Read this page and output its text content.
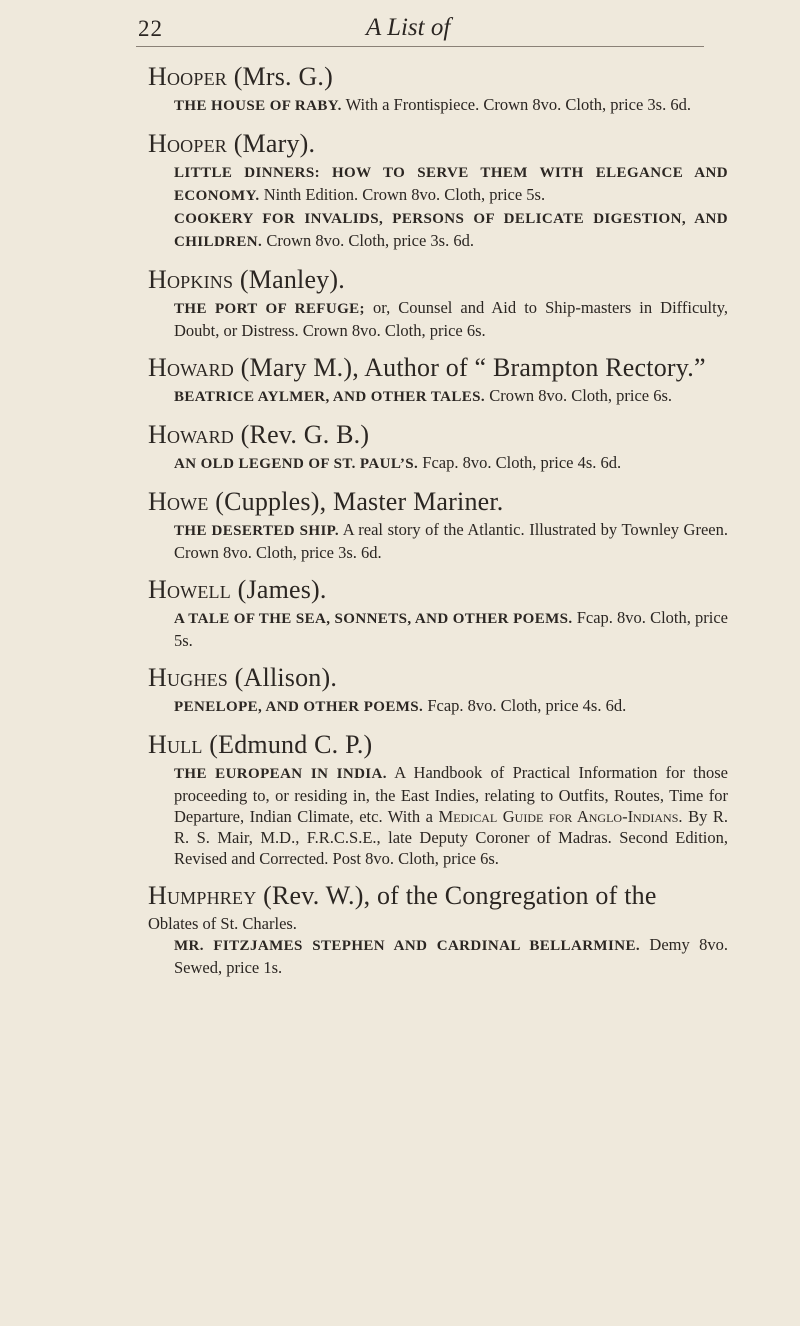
22	A List of
Hooper (Mrs. G.)
THE HOUSE OF RABY. With a Frontispiece. Crown 8vo. Cloth, price 3s. 6d.
Hooper (Mary).
LITTLE DINNERS: HOW TO SERVE THEM WITH ELEGANCE AND ECONOMY. Ninth Edition. Crown 8vo. Cloth, price 5s.
COOKERY FOR INVALIDS, PERSONS OF DELICATE DIGESTION, AND CHILDREN. Crown 8vo. Cloth, price 3s. 6d.
Hopkins (Manley).
THE PORT OF REFUGE; or, Counsel and Aid to Ship-masters in Difficulty, Doubt, or Distress. Crown 8vo. Cloth, price 6s.
Howard (Mary M.), Author of “ Brampton Rectory.”
BEATRICE AYLMER, AND OTHER TALES. Crown 8vo. Cloth, price 6s.
Howard (Rev. G. B.)
AN OLD LEGEND OF ST. PAUL’S. Fcap. 8vo. Cloth, price 4s. 6d.
Howe (Cupples), Master Mariner.
THE DESERTED SHIP. A real story of the Atlantic. Illustrated by Townley Green. Crown 8vo. Cloth, price 3s. 6d.
Howell (James).
A TALE OF THE SEA, SONNETS, AND OTHER POEMS. Fcap. 8vo. Cloth, price 5s.
Hughes (Allison).
PENELOPE, AND OTHER POEMS. Fcap. 8vo. Cloth, price 4s. 6d.
Hull (Edmund C. P.)
THE EUROPEAN IN INDIA. A Handbook of Practical Information for those proceeding to, or residing in, the East Indies, relating to Outfits, Routes, Time for Departure, Indian Climate, etc. With a Medical Guide for Anglo-Indians. By R. R. S. Mair, M.D., F.R.C.S.E., late Deputy Coroner of Madras. Second Edition, Revised and Corrected. Post 8vo. Cloth, price 6s.
Humphrey (Rev. W.), of the Congregation of the
Oblates of St. Charles.
MR. FITZJAMES STEPHEN AND CARDINAL BELLARMINE. Demy 8vo. Sewed, price 1s.
